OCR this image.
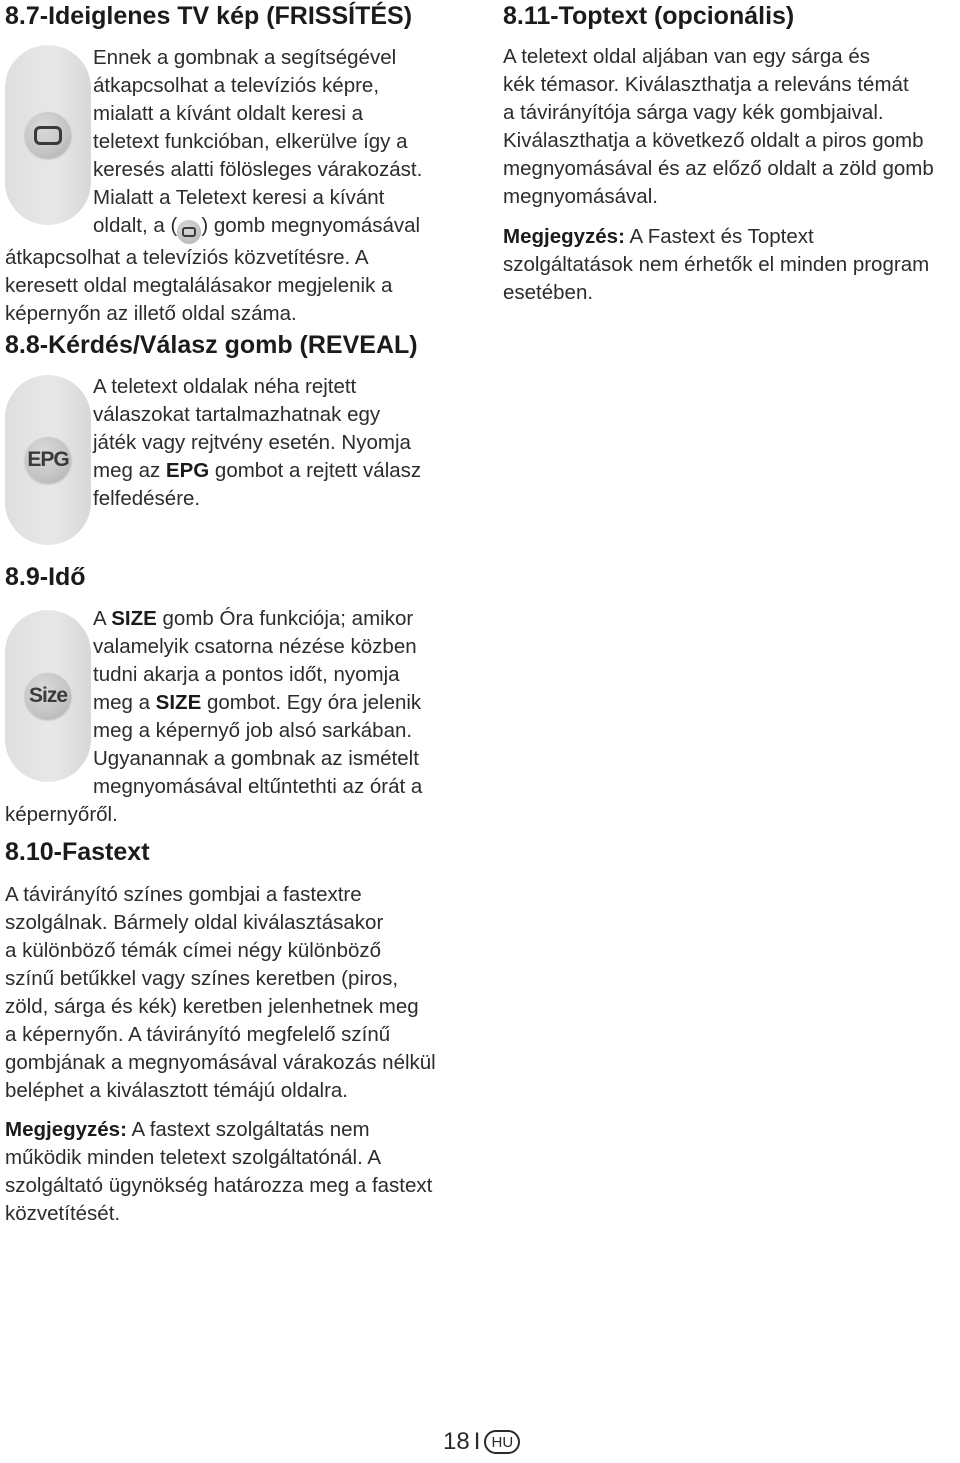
8.7-Ideiglenes TV kép (FRISSÍTÉS)

Ennek a gombnak a segítségével
átkapcsolhat a televíziós képre,
mialatt a kívánt oldalt keresi a
teletext funkcióban, elkerülve így a
keresés alatti fölösleges várakozást.
Mialatt a Teletext keresi a kívánt
oldalt, a ( ) gomb megnyomásával
átkapcsolhat a televíziós közvetítésre. A
keresett oldal megtalálásakor megjelenik a
képernyőn az illető oldal száma.

8.8-Kérdés/Válasz gomb (REVEAL)
EPG

A teletext oldalak néha rejtett
válaszokat tartalmazhatnak egy
játék vagy rejtvény esetén. Nyomja
meg az EPG gombot a rejtett válasz
felfedésére.

8.9-Idő
Size

A SIZE gomb Óra funkciója; amikor
valamelyik csatorna nézése közben
tudni akarja a pontos időt, nyomja
meg a SIZE gombot. Egy óra jelenik
meg a képernyő job alsó sarkában.
Ugyanannak a gombnak az ismételt
megnyomásával eltűntethti az órát a
képernyőről.

8.10-Fastext

A távirányító színes gombjai a fastextre
szolgálnak. Bármely oldal kiválasztásakor
a különböző témák címei négy különböző
színű betűkkel vagy színes keretben (piros,
zöld, sárga és kék) keretben jelenhetnek meg
a képernyőn. A távirányító megfelelő színű
gombjának a megnyomásával várakozás nélkül
beléphet a kiválasztott témájú oldalra.

Megjegyzés: A fastext szolgáltatás nem
működik minden teletext szolgáltatónál. A
szolgáltató ügynökség határozza meg a fastext
közvetítését.

8.11-Toptext (opcionális)

A teletext oldal aljában van egy sárga és
kék témasor. Kiválaszthatja a releváns témát
a távirányítója sárga vagy kék gombjaival.
Kiválaszthatja a következő oldalt a piros gomb
megnyomásával és az előző oldalt a zöld gomb
megnyomásával.

Megjegyzés: A Fastext és Toptext
szolgáltatások nem érhetők el minden program
esetében.

18 I HU
